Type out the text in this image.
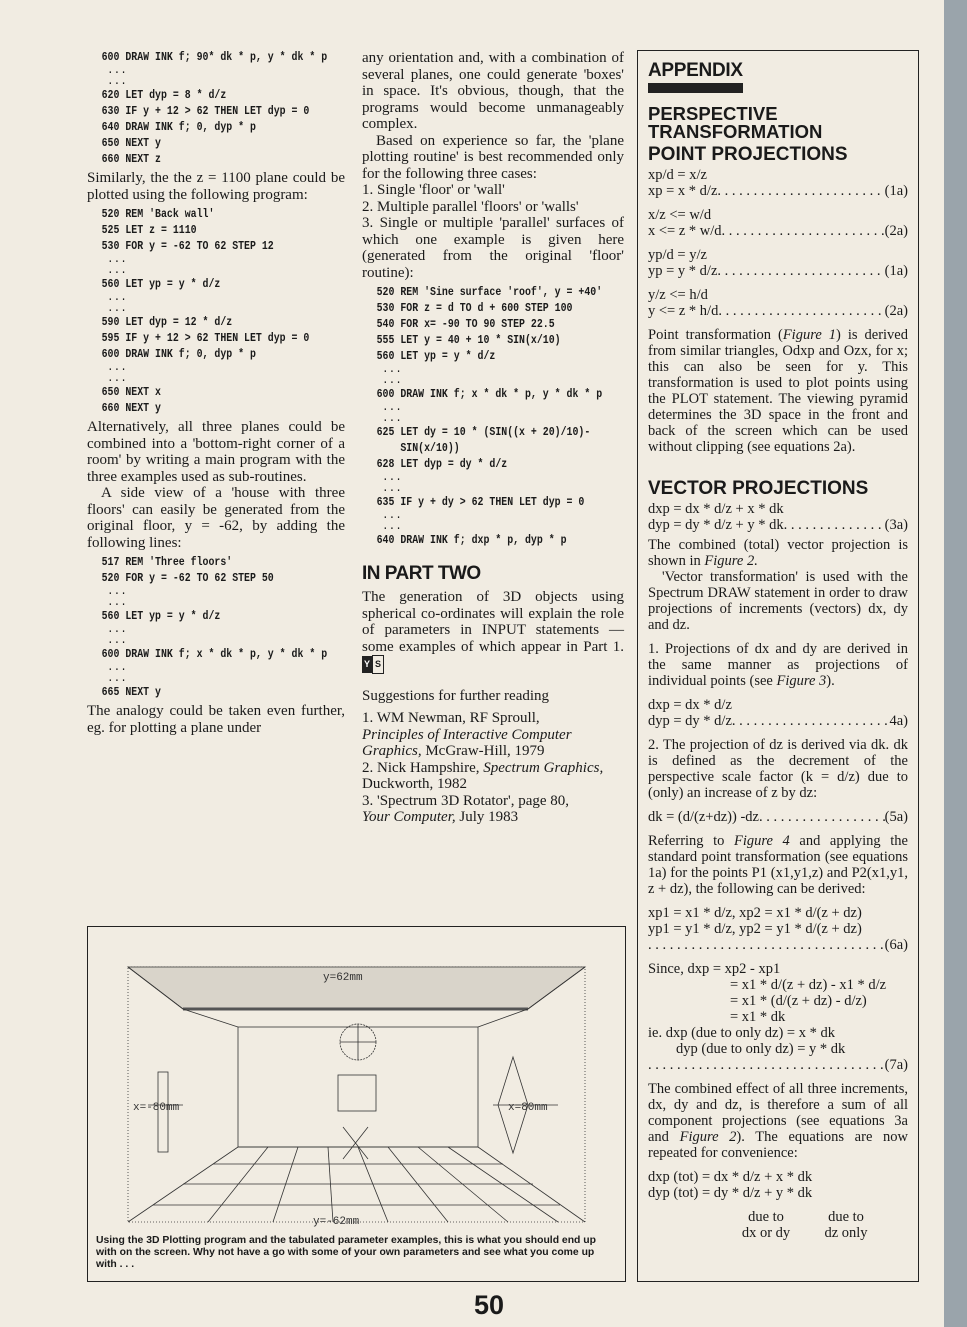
600 DRAW INK f; 90* dk * p, y * dk * p
...
...
620 LET dyp = 8 * d/z
630 IF y + 12 > 62 THEN LET dyp = 0
640 DRAW INK f; 0, dyp * p
650 NEXT y
660 NEXT z

Similarly, the the z = 1100 plane could be plotted using the following program:

520 REM 'Back wall'
525 LET z = 1110
530 FOR y = -62 TO 62 STEP 12
...
...
560 LET yp = y * d/z
...
...
590 LET dyp = 12 * d/z
595 IF y + 12 > 62 THEN LET dyp = 0
600 DRAW INK f; 0, dyp * p
...
...
650 NEXT x
660 NEXT y

Alternatively, all three planes could be combined into a 'bottom-right corner of a room' by writing a main program with the three examples used as sub-routines.

A side view of a 'house with three floors' can easily be generated from the original floor, y = -62, by adding the following lines:

517 REM 'Three floors'
520 FOR y = -62 TO 62 STEP 50
...
...
560 LET yp = y * d/z
...
...
600 DRAW INK f; x * dk * p, y * dk * p
...
...
665 NEXT y

The analogy could be taken even further, eg. for plotting a plane under

any orientation and, with a combination of several planes, one could generate 'boxes' in space. It's obvious, though, that the programs would become unmanageably complex.

Based on experience so far, the 'plane plotting routine' is best recommended only for the following three cases:

1. Single 'floor' or 'wall'

2. Multiple parallel 'floors' or 'walls'

3. Single or multiple 'parallel' surfaces of which one example is given here (generated from the original 'floor' routine):

520 REM 'Sine surface 'roof', y = +40'
530 FOR z = d TO d + 600 STEP 100
540 FOR x= -90 TO 90 STEP 22.5
555 LET y = 40 + 10 * SIN(x/10)
560 LET yp = y * d/z
...
...
600 DRAW INK f; x * dk * p, y * dk * p
...
...
625 LET dy = 10 * (SIN((x + 20)/10)-
SIN(x/10))
628 LET dyp = dy * d/z
...
...
635 IF y + dy > 62 THEN LET dyp = 0
...
...
640 DRAW INK f; dxp * p, dyp * p
IN PART TWO

The generation of 3D objects using spherical co-ordinates will explain the role of parameters in INPUT statements — some examples of which appear in Part 1. Y S

Suggestions for further reading

1. WM Newman, RF Sproull,
Principles of Interactive Computer Graphics, McGraw-Hill, 1979
2. Nick Hampshire, Spectrum Graphics, Duckworth, 1982
3. 'Spectrum 3D Rotator', page 80,
Your Computer, July 1983

APPENDIX
PERSPECTIVE TRANSFORMATION
POINT PROJECTIONS
xp/d = x/z
xp = x * d/z . . .	(1a)
x/z <= w/d
x <= z * w/d . . .	(2a)
yp/d = y/z
yp = y * d/z . . .	(1a)
y/z <= h/d
y <= z * h/d . . .	(2a)

Point transformation (Figure 1) is derived from similar triangles, Odxp and Ozx, for x; this can also be seen for y. This transformation is used to plot points using the PLOT statement. The viewing pyramid determines the 3D space in the front and back of the screen which can be used without clipping (see equations 2a).

VECTOR PROJECTIONS
dxp = dx * d/z + x * dk
dyp = dy * d/z + y * dk . . .	(3a)

The combined (total) vector projection is shown in Figure 2.

'Vector transformation' is used with the Spectrum DRAW statement in order to draw projections of increments (vectors) dx, dy and dz.

1. Projections of dx and dy are derived in the same manner as projections of individual points (see Figure 3).

dxp = dx * d/z
dyp = dy * d/z . . .	4a)

2. The projection of dz is derived via dk. dk is defined as the decrement of the perspective scale factor (k = d/z) due to (only) an increase of z by dz:

dk = (d/(z+dz)) -dz . . .	(5a)

Referring to Figure 4 and applying the standard point transformation (see equations 1a) for the points P1 (x1,y1,z) and P2(x1,y1, z + dz), the following can be derived:

xp1 = x1 * d/z, xp2 = x1 * d/(z + dz)
yp1 = y1 * d/z, yp2 = y1 * d/(z + dz)
. . .
(6a)
Since, dxp = xp2 - xp1
= x1 * d/(z + dz) - x1 * d/z
= x1 * (d/(z + dz) - d/z)
= x1 * dk
ie. dxp (due to only dz) = x * dk
dyp (due to only dz) = y * dk
. . .
(7a)

The combined effect of all three increments, dx, dy and dz, is therefore a sum of all component projections (see equations 3a and Figure 2). The equations are now repeated for convenience:

dxp (tot) = dx * d/z + x * dk
dyp (tot) = dy * d/z + y * dk
due to
dx or dy
due to
dz only
y=62mm
x=-80mm	x=80mm
y=-62mm
Using the 3D Plotting program and the tabulated parameter examples, this is what you should end up with on the screen. Why not have a go with some of your own parameters and see what you come up with . . .
50
